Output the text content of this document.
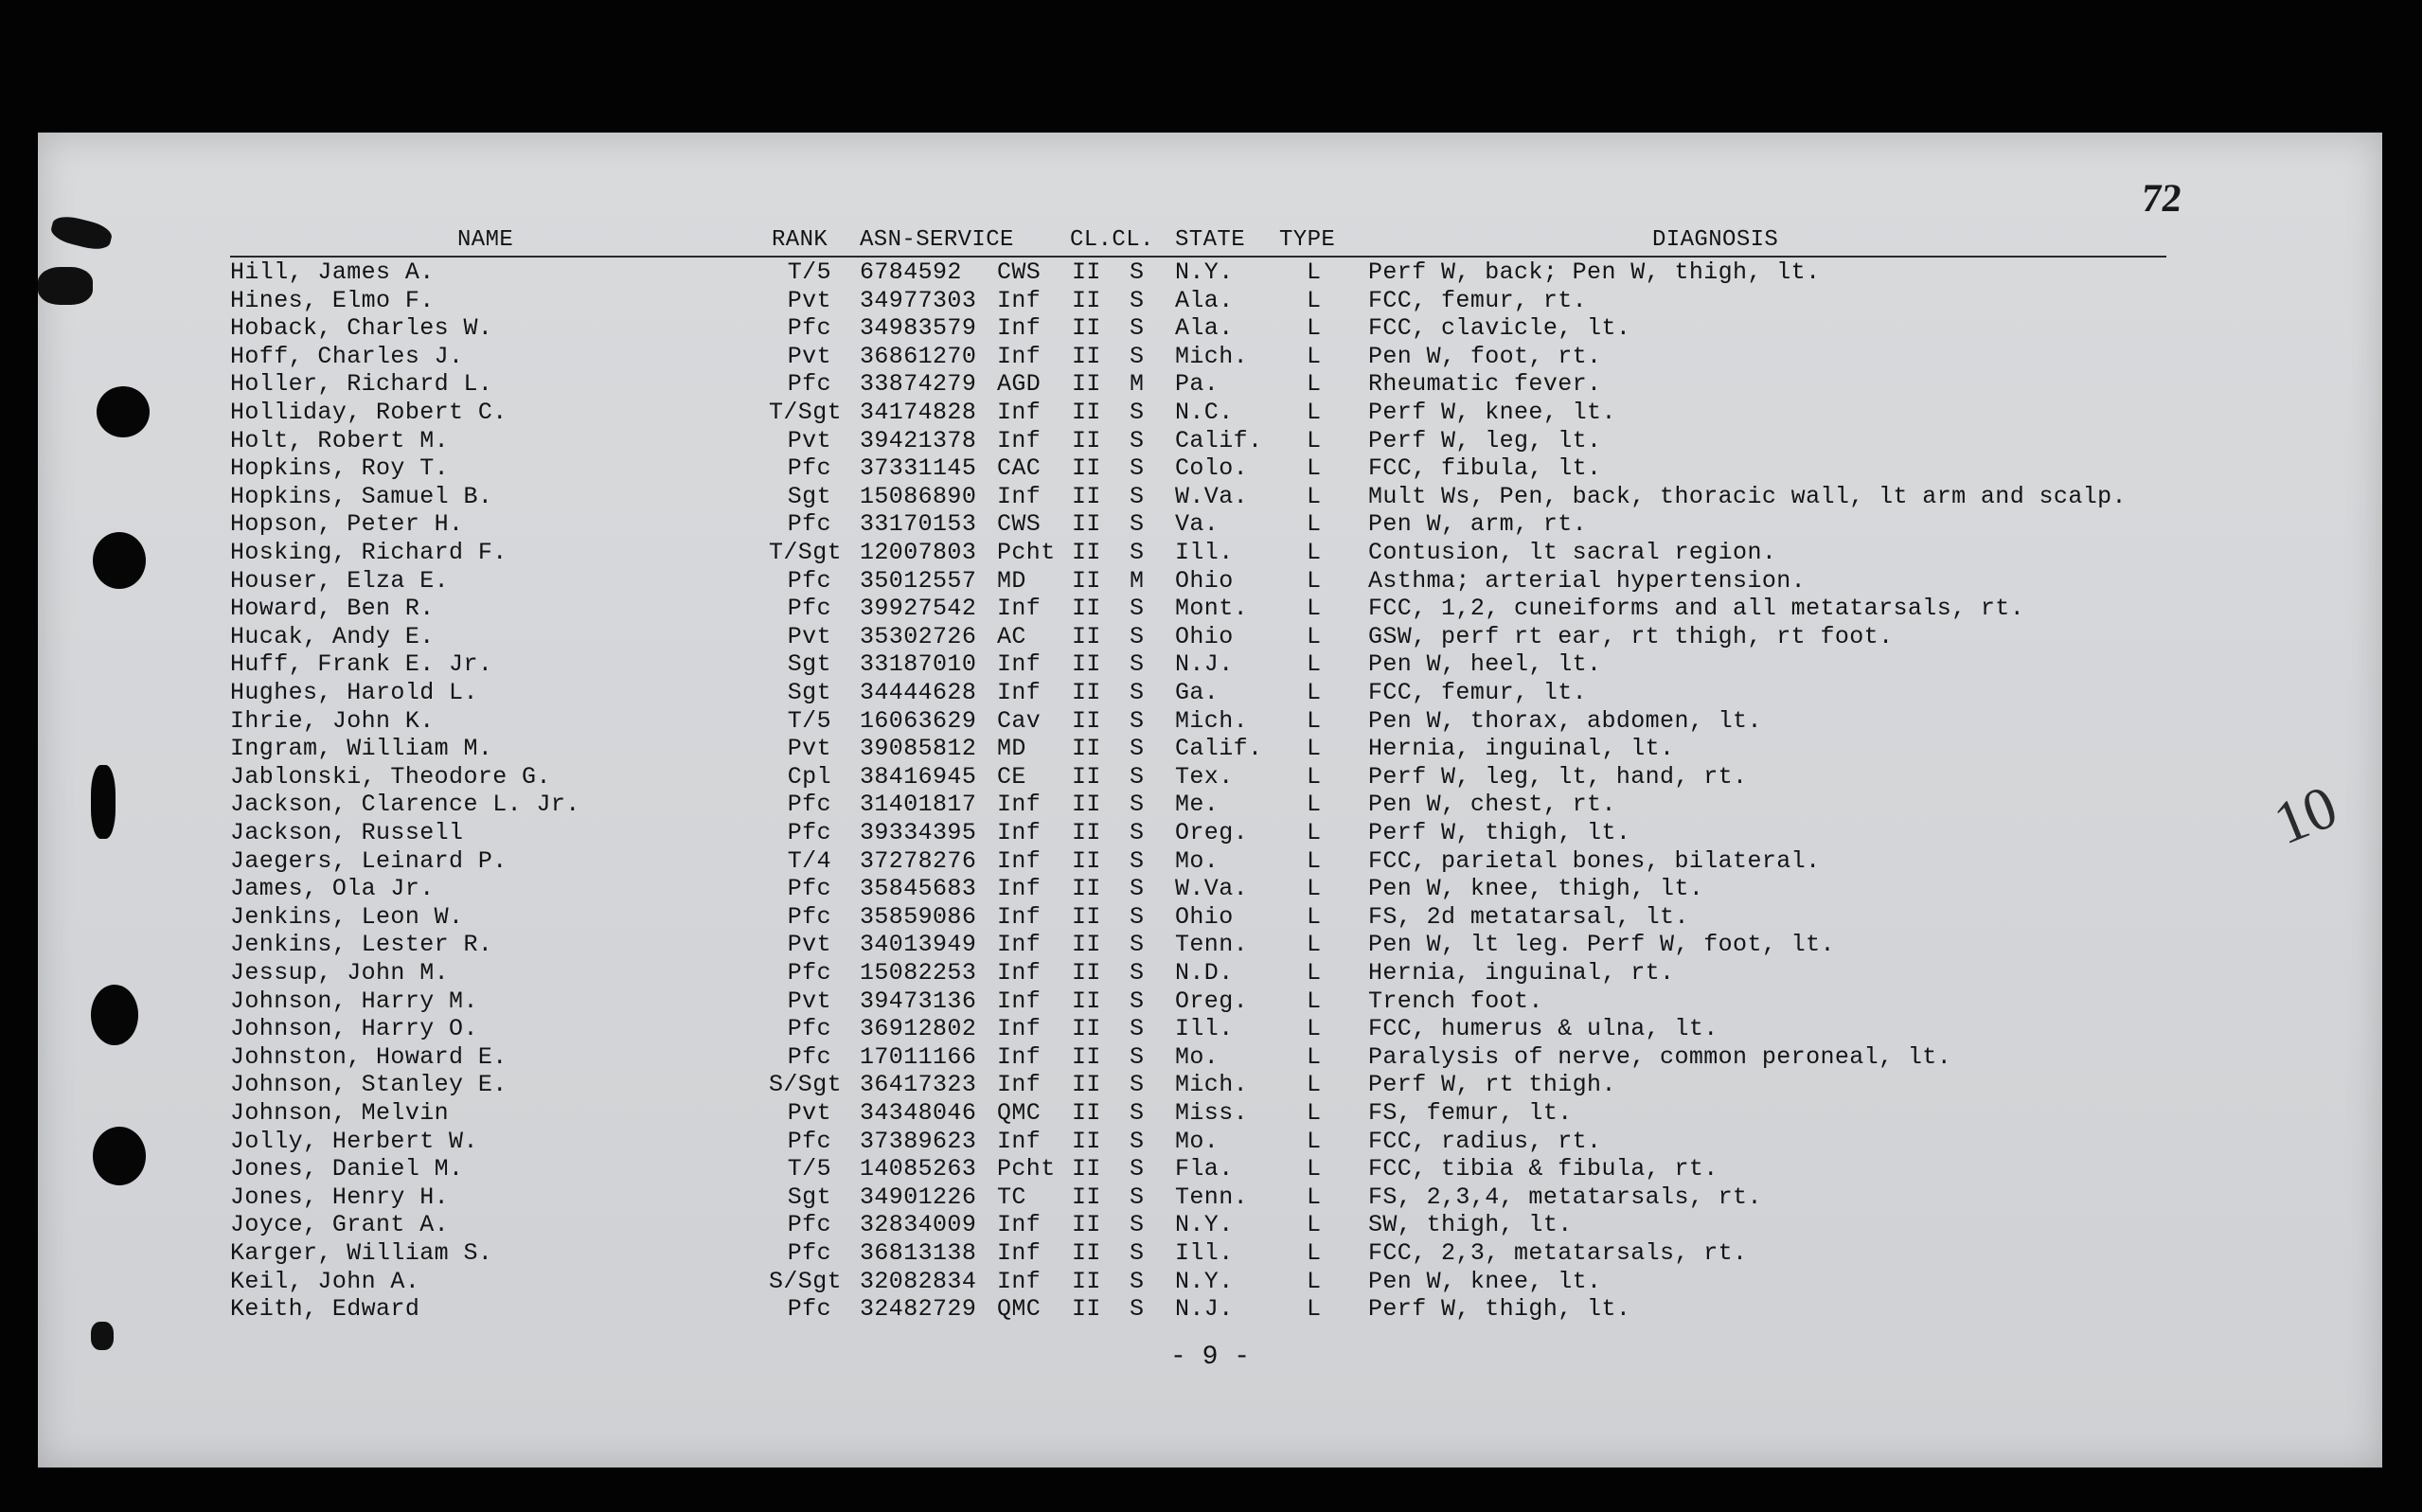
72
NAME	RANK ASN-SERVICE CL.CL. STATE TYPE	DIAGNOSIS
Hill, James A.	T/5 6784592 CWS II S N.Y.	L Perf W, back; Pen W, thigh, lt.
Hines, Elmo F.	Pvt 34977303 Inf II S Ala.	L FCC, femur, rt.
Hoback, Charles W.	Pfc 34983579 Inf II S Ala.	L FCC, clavicle, lt.
Hoff, Charles J.	Pvt 36861270 Inf II S Mich. L Pen W, foot, rt.
Holler, Richard L.	Pfc 33874279 AGD II M Pa.	L Rheumatic fever.
Holliday, Robert C.	T/Sgt 34174828 Inf II S N.C.	L Perf W, knee, lt.
Holt, Robert M.	Pvt 39421378 Inf II S Calif. L Perf W, leg, lt.
Hopkins, Roy T.	Pfc 37331145 CAC II S Colo. L FCC, fibula, lt.
Hopkins, Samuel B.	Sgt 15086890 Inf II S W.Va. L Mult Ws, Pen, back, thoracic wall, lt arm and scalp.
Hopson, Peter H.	Pfc 33170153 CWS II S Va.	L Pen W, arm, rt.
Hosking, Richard F.	T/Sgt 12007803 Pcht II S Ill.	L Contusion, lt sacral region.
Houser, Elza E.	Pfc 35012557 MD II M Ohio	L Asthma; arterial hypertension.
Howard, Ben R.	Pfc 39927542 Inf II S Mont. L FCC, 1,2, cuneiforms and all metatarsals, rt.
Hucak, Andy E.	Pvt 35302726 AC II S Ohio	L GSW, perf rt ear, rt thigh, rt foot.
Huff, Frank E. Jr.	Sgt 33187010 Inf II S N.J.	L Pen W, heel, lt.
Hughes, Harold L.	Sgt 34444628 Inf II S Ga.	L FCC, femur, lt.
Ihrie, John K.	T/5 16063629 Cav II S Mich. L Pen W, thorax, abdomen, lt.
Ingram, William M.	Pvt 39085812 MD II S Calif. L Hernia, inguinal, lt.
Jablonski, Theodore G.	Cpl 38416945 CE II S Tex.	L Perf W, leg, lt, hand, rt.
Jackson, Clarence L. Jr.	Pfc 31401817 Inf II S Me.	L Pen W, chest, rt.
Jackson, Russell	Pfc 39334395 Inf II S Oreg. L Perf W, thigh, lt.
Jaegers, Leinard P.	T/4 37278276 Inf II S Mo.	L FCC, parietal bones, bilateral.
James, Ola Jr.	Pfc 35845683 Inf II S W.Va. L Pen W, knee, thigh, lt.
Jenkins, Leon W.	Pfc 35859086 Inf II S Ohio	L FS, 2d metatarsal, lt.
Jenkins, Lester R.	Pvt 34013949 Inf II S Tenn. L Pen W, lt leg. Perf W, foot, lt.
Jessup, John M.	Pfc 15082253 Inf II S N.D.	L Hernia, inguinal, rt.
Johnson, Harry M.	Pvt 39473136 Inf II S Oreg. L Trench foot.
Johnson, Harry O.	Pfc 36912802 Inf II S Ill.	L FCC, humerus & ulna, lt.
Johnston, Howard E.	Pfc 17011166 Inf II S Mo.	L Paralysis of nerve, common peroneal, lt.
Johnson, Stanley E.	S/Sgt 36417323 Inf II S Mich. L Perf W, rt thigh.
Johnson, Melvin	Pvt 34348046 QMC II S Miss. L FS, femur, lt.
Jolly, Herbert W.	Pfc 37389623 Inf II S Mo.	L FCC, radius, rt.
Jones, Daniel M.	T/5 14085263 Pcht II S Fla.	L FCC, tibia & fibula, rt.
Jones, Henry H.	Sgt 34901226 TC II S Tenn. L FS, 2,3,4, metatarsals, rt.
Joyce, Grant A.	Pfc 32834009 Inf II S N.Y.	L SW, thigh, lt.
Karger, William S.	Pfc 36813138 Inf II S Ill.	L FCC, 2,3, metatarsals, rt.
Keil, John A.	S/Sgt 32082834 Inf II S N.Y.	L Pen W, knee, lt.
Keith, Edward	Pfc 32482729 QMC II S N.J.	L Perf W, thigh, lt.
- 9 -
10
